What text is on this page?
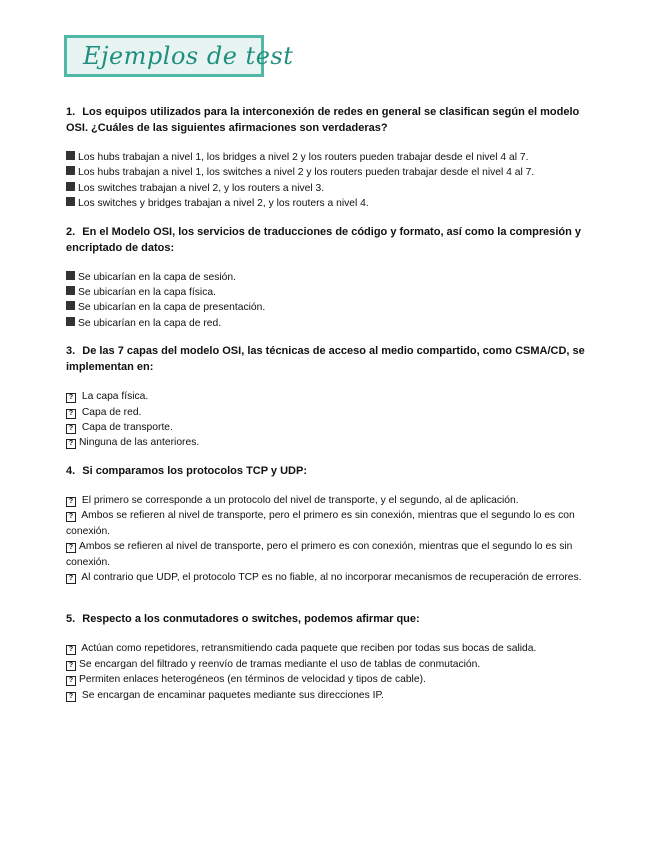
Ejemplos de test
1. Los equipos utilizados para la interconexión de redes en general se clasifican según el modelo OSI. ¿Cuáles de las siguientes afirmaciones son verdaderas?
Los hubs trabajan a nivel 1, los bridges a nivel 2 y los routers pueden trabajar desde el nivel 4 al 7.
Los hubs trabajan a nivel 1, los switches a nivel 2 y los routers pueden trabajar desde el nivel 4 al 7.
Los switches trabajan a nivel 2, y los routers a nivel 3.
Los switches y bridges trabajan a nivel 2, y los routers a nivel 4.
2. En el Modelo OSI, los servicios de traducciones de código y formato, así como la compresión y encriptado de datos:
Se ubicarían en la capa de sesión.
Se ubicarían en la capa física.
Se ubicarían en la capa de presentación.
Se ubicarían en la capa de red.
3. De las 7 capas del modelo OSI, las técnicas de acceso al medio compartido, como CSMA/CD, se implementan en:
? La capa física.
? Capa de red.
? Capa de transporte.
? Ninguna de las anteriores.
4. Si comparamos los protocolos TCP y UDP:
? El primero se corresponde a un protocolo del nivel de transporte, y el segundo, al de aplicación.
? Ambos se refieren al nivel de transporte, pero el primero es sin conexión, mientras que el segundo lo es con conexión.
? Ambos se refieren al nivel de transporte, pero el primero es con conexión, mientras que el segundo lo es sin conexión.
? Al contrario que UDP, el protocolo TCP es no fiable, al no incorporar mecanismos de recuperación de errores.
5. Respecto a los conmutadores o switches, podemos afirmar que:
? Actúan como repetidores, retransmitiendo cada paquete que reciben por todas sus bocas de salida.
? Se encargan del filtrado y reenvío de tramas mediante el uso de tablas de conmutación.
? Permiten enlaces heterogéneos (en términos de velocidad y tipos de cable).
? Se encargan de encaminar paquetes mediante sus direcciones IP.
